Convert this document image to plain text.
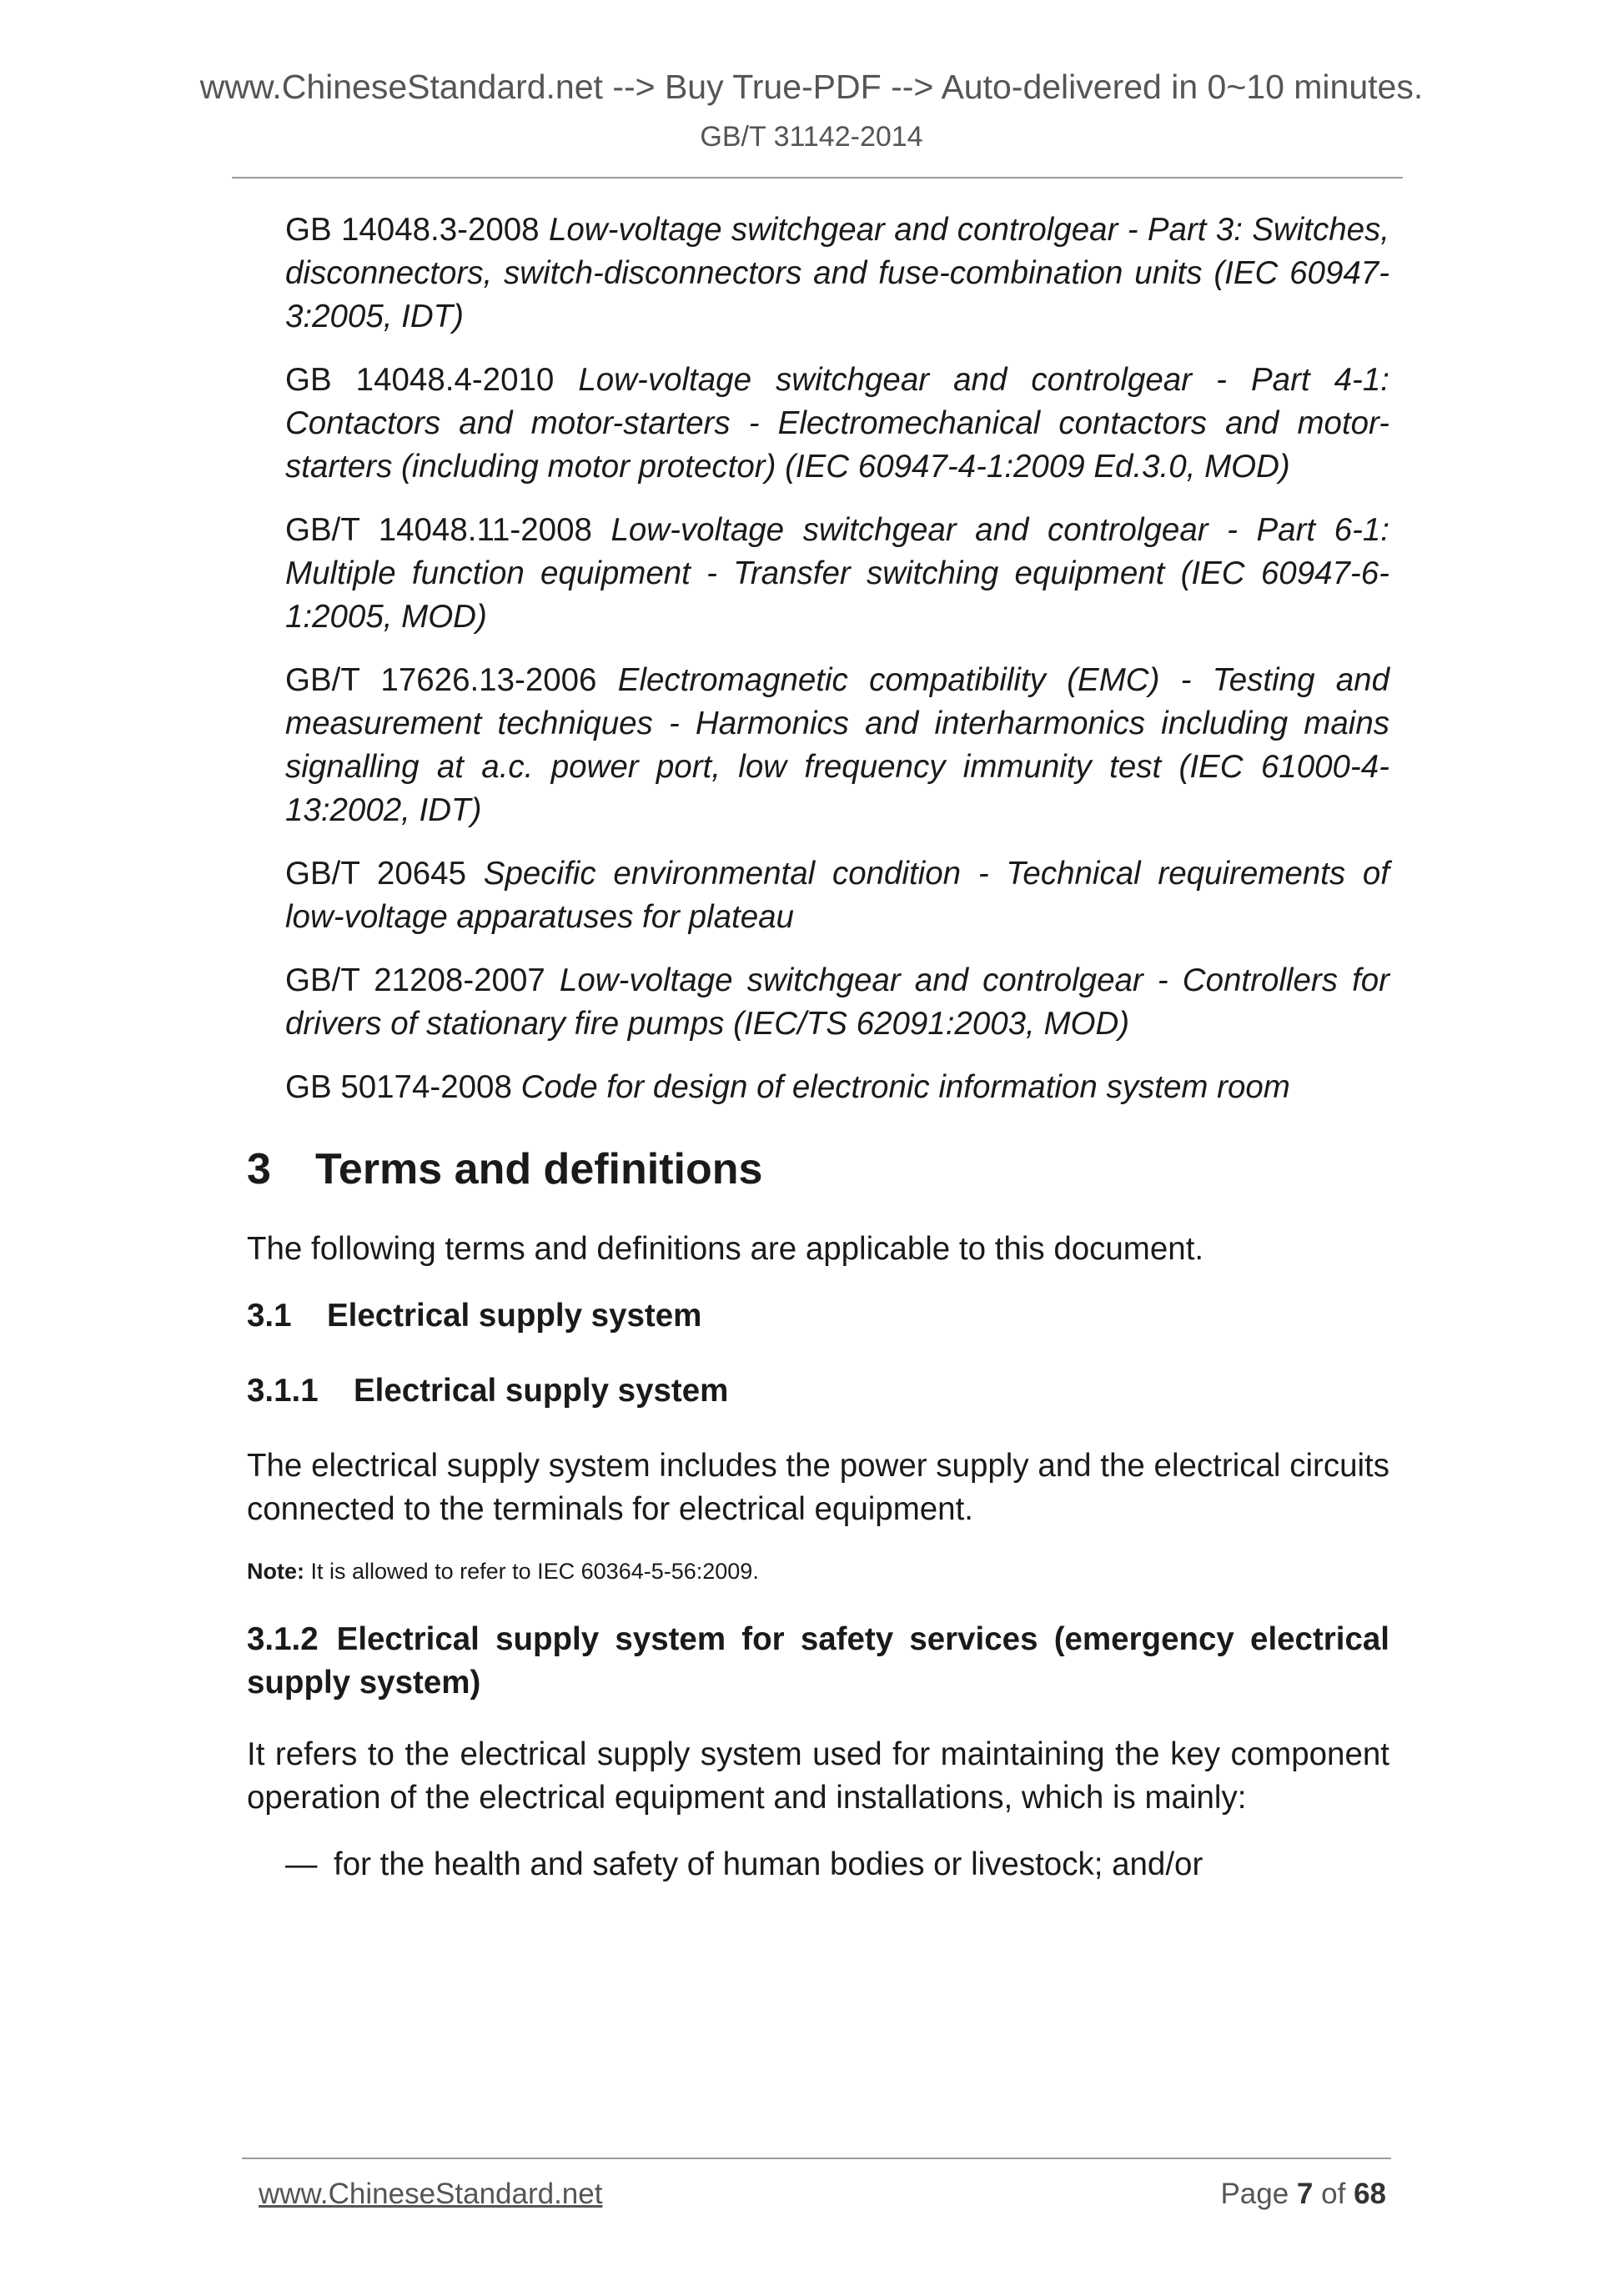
www.ChineseStandard.net --> Buy True-PDF --> Auto-delivered in 0~10 minutes.
GB/T 31142-2014

GB 14048.3-2008 Low-voltage switchgear and controlgear - Part 3: Switches, disconnectors, switch-disconnectors and fuse-combination units (IEC 60947-3:2005, IDT)

GB 14048.4-2010 Low-voltage switchgear and controlgear - Part 4-1: Contactors and motor-starters - Electromechanical contactors and motor-starters (including motor protector) (IEC 60947-4-1:2009 Ed.3.0, MOD)

GB/T 14048.11-2008 Low-voltage switchgear and controlgear - Part 6-1: Multiple function equipment - Transfer switching equipment (IEC 60947-6-1:2005, MOD)

GB/T 17626.13-2006 Electromagnetic compatibility (EMC) - Testing and measurement techniques - Harmonics and interharmonics including mains signalling at a.c. power port, low frequency immunity test (IEC 61000-4-13:2002, IDT)

GB/T 20645 Specific environmental condition - Technical requirements of low-voltage apparatuses for plateau

GB/T 21208-2007 Low-voltage switchgear and controlgear - Controllers for drivers of stationary fire pumps (IEC/TS 62091:2003, MOD)

GB 50174-2008 Code for design of electronic information system room

3 Terms and definitions

The following terms and definitions are applicable to this document.

3.1 Electrical supply system
3.1.1 Electrical supply system

The electrical supply system includes the power supply and the electrical circuits connected to the terminals for electrical equipment.

Note: It is allowed to refer to IEC 60364-5-56:2009.

3.1.2 Electrical supply system for safety services (emergency electrical supply system)

It refers to the electrical supply system used for maintaining the key component operation of the electrical equipment and installations, which is mainly:

— for the health and safety of human bodies or livestock; and/or

www.ChineseStandard.net	Page 7 of 68
